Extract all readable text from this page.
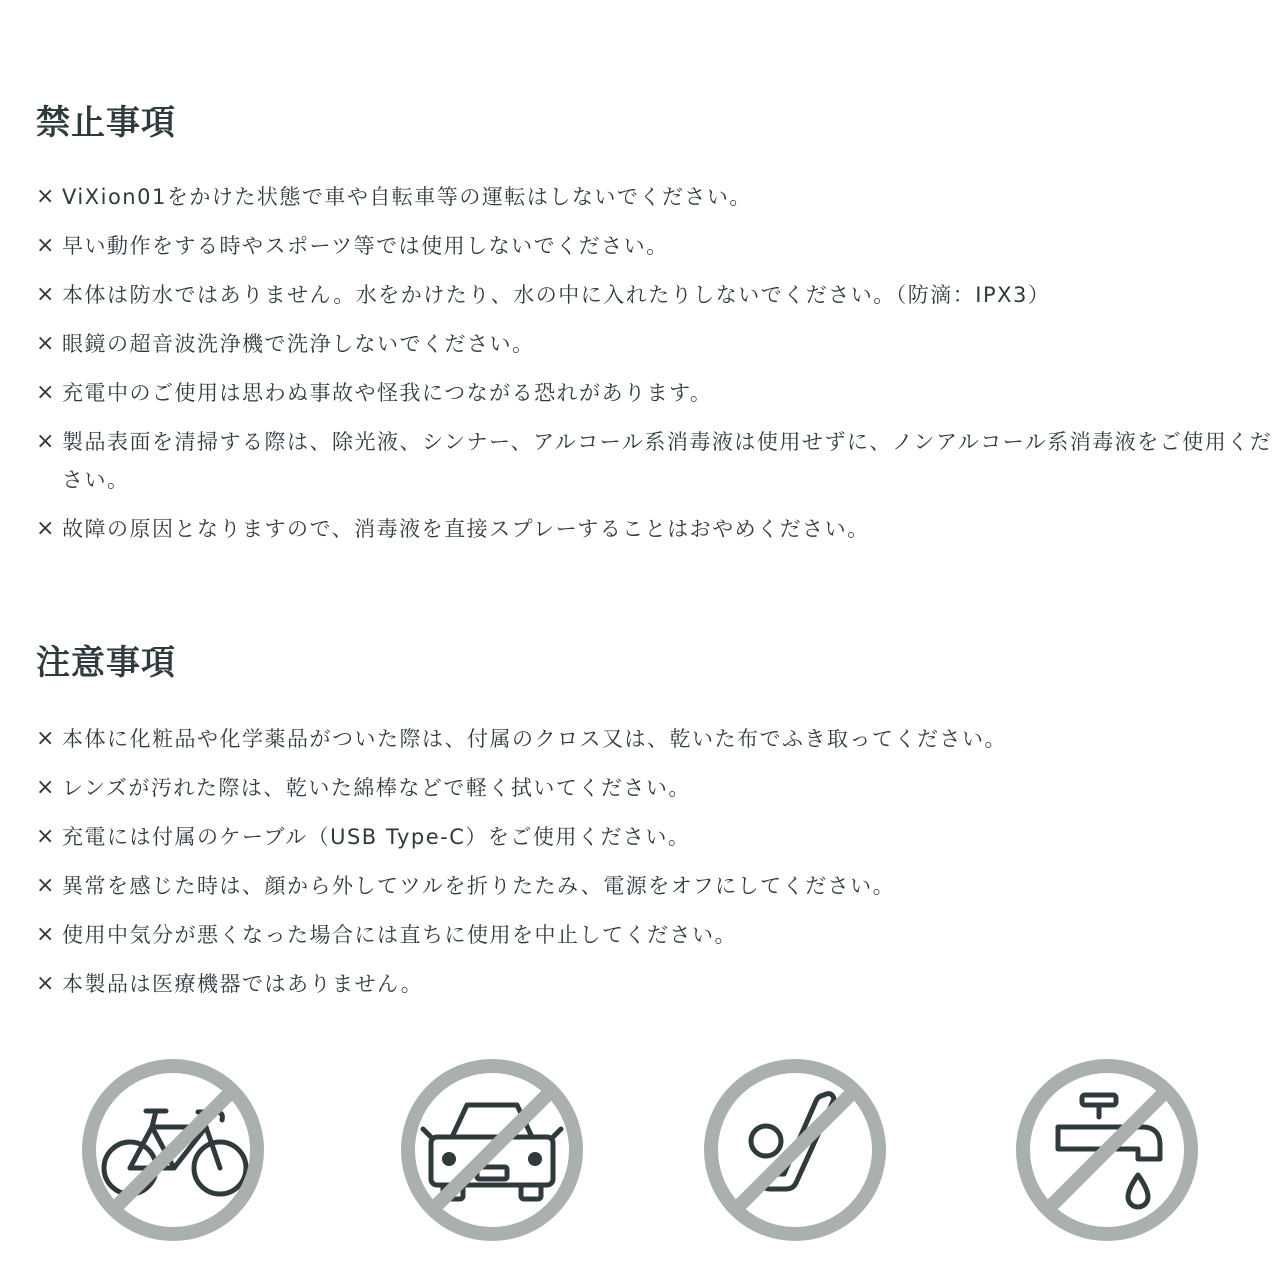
禁止事項
× ViXion01をかけた状態で車や自転車等の運転はしないでください。
× 早い動作をする時やスポーツ等では使用しないでください。
× 本体は防水ではありません。水をかけたり、水の中に入れたりしないでください。（防滴：IPX3）
× 眼鏡の超音波洗浄機で洗浄しないでください。
× 充電中のご使用は思わぬ事故や怪我につながる恐れがあります。
× 製品表面を清掃する際は、除光液、シンナー、アルコール系消毒液は使用せずに、ノンアルコール系消毒液をご使用ください。
× 故障の原因となりますので、消毒液を直接スプレーすることはおやめください。
注意事項
× 本体に化粧品や化学薬品がついた際は、付属のクロス又は、乾いた布でふき取ってください。
× レンズが汚れた際は、乾いた綿棒などで軽く拭いてください。
× 充電には付属のケーブル（USB Type-C）をご使用ください。
× 異常を感じた時は、顔から外してツルを折りたたみ、電源をオフにしてください。
× 使用中気分が悪くなった場合には直ちに使用を中止してください。
× 本製品は医療機器ではありません。
